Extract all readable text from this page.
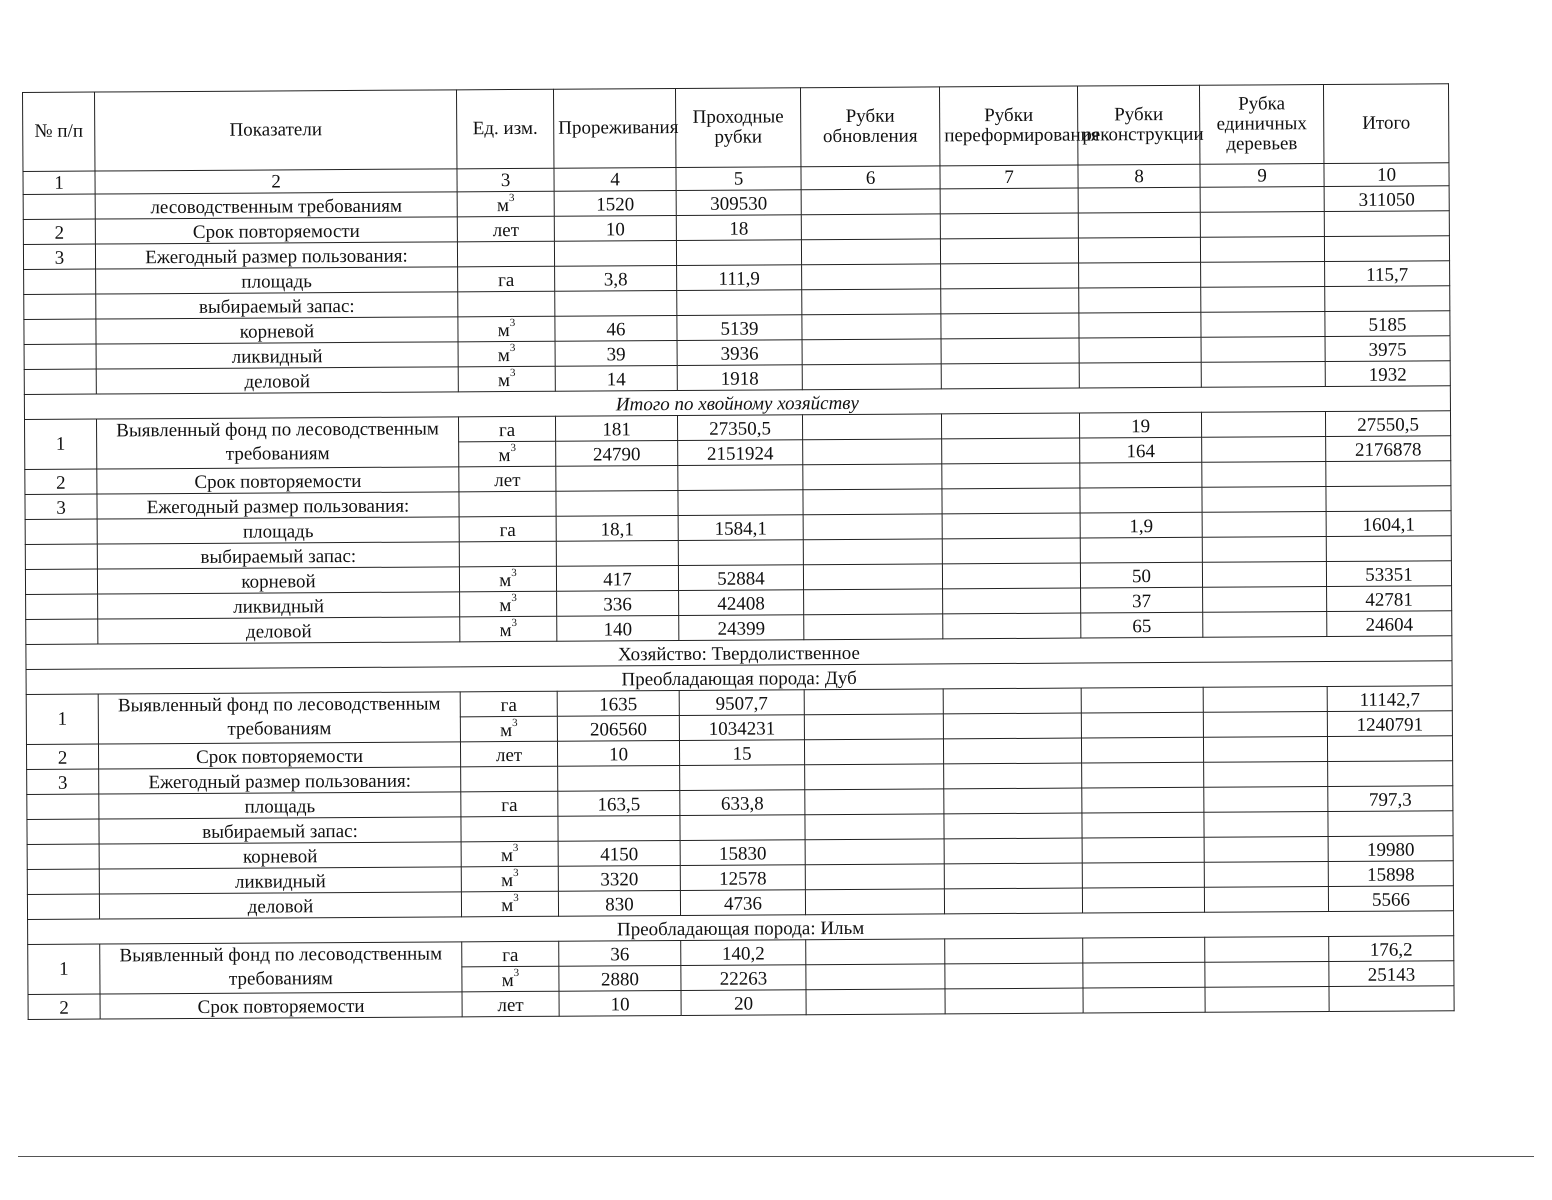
№ п/п	Показатели	Ед. изм.	Прореживания	Проходные рубки	Рубки обновления	Рубки переформирования	Рубки реконструкции	Рубка единичных деревьев	Итого
1	2	3	4	5	6	7	8	9	10
	лесоводственным требованиям	$м^3$	1520	309530					311050
2	Срок повторяемости	лет	10	18					
3	Ежегодный размер пользования:								
	площадь	га	3,8	111,9					115,7
	выбираемый запас:								
	корневой	$м^3$	46	5139					5185
	ликвидный	$м^3$	39	3936					3975
	деловой	$м^3$	14	1918					1932
Итого по хвойному хозяйству									
1	Выявленный фонд по лесоводственным требованиям	га	181	27350,5			19		27550,5
		$м^3$	24790	2151924			164		2176878
2	Срок повторяемости	лет							
3	Ежегодный размер пользования:								
	площадь	га	18,1	1584,1			1,9		1604,1
	выбираемый запас:								
	корневой	$м^3$	417	52884			50		53351
	ликвидный	$м^3$	336	42408			37		42781
	деловой	$м^3$	140	24399			65		24604
Хозяйство: Твердолиственное									
Преобладающая порода: Дуб									
1	Выявленный фонд по лесоводственным требованиям	га	1635	9507,7					11142,7
		$м^3$	206560	1034231					1240791
2	Срок повторяемости	лет	10	15					
3	Ежегодный размер пользования:								
	площадь	га	163,5	633,8					797,3
	выбираемый запас:								
	корневой	$м^3$	4150	15830					19980
	ликвидный	$м^3$	3320	12578					15898
	деловой	$м^3$	830	4736					5566
Преобладающая порода: Ильм									
1	Выявленный фонд по лесоводственным требованиям	га	36	140,2					176,2
		$м^3$	2880	22263					25143
2	Срок повторяемости	лет	10	20					
